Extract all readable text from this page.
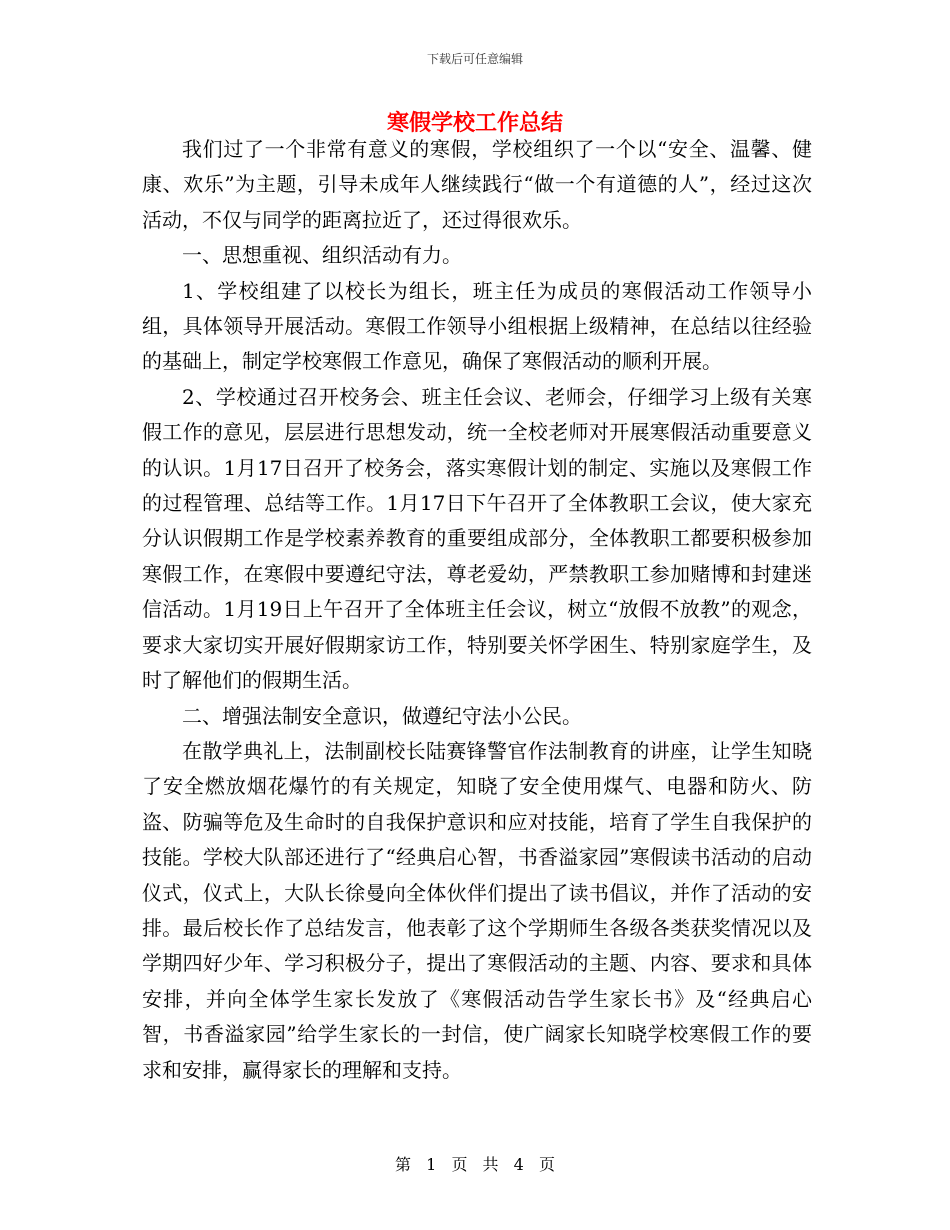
下载后可任意编辑
寒假学校工作总结

我们过了一个非常有意义的寒假，学校组织了一个以“安全、温馨、健康、欢乐”为主题，引导未成年人继续践行“做一个有道德的人”，经过这次活动，不仅与同学的距离拉近了，还过得很欢乐。

一、思想重视、组织活动有力。

1、学校组建了以校长为组长，班主任为成员的寒假活动工作领导小组，具体领导开展活动。寒假工作领导小组根据上级精神，在总结以往经验的基础上，制定学校寒假工作意见，确保了寒假活动的顺利开展。

2、学校通过召开校务会、班主任会议、老师会，仔细学习上级有关寒假工作的意见，层层进行思想发动，统一全校老师对开展寒假活动重要意义的认识。1月17日召开了校务会，落实寒假计划的制定、实施以及寒假工作的过程管理、总结等工作。1月17日下午召开了全体教职工会议，使大家充分认识假期工作是学校素养教育的重要组成部分，全体教职工都要积极参加寒假工作，在寒假中要遵纪守法，尊老爱幼，严禁教职工参加赌博和封建迷信活动。1月19日上午召开了全体班主任会议，树立“放假不放教”的观念，要求大家切实开展好假期家访工作，特别要关怀学困生、特别家庭学生，及时了解他们的假期生活。

二、增强法制安全意识，做遵纪守法小公民。

在散学典礼上，法制副校长陆赛锋警官作法制教育的讲座，让学生知晓了安全燃放烟花爆竹的有关规定，知晓了安全使用煤气、电器和防火、防盗、防骗等危及生命时的自我保护意识和应对技能，培育了学生自我保护的技能。学校大队部还进行了“经典启心智，书香溢家园”寒假读书活动的启动仪式，仪式上，大队长徐曼向全体伙伴们提出了读书倡议，并作了活动的安排。最后校长作了总结发言，他表彰了这个学期师生各级各类获奖情况以及学期四好少年、学习积极分子，提出了寒假活动的主题、内容、要求和具体安排，并向全体学生家长发放了《寒假活动告学生家长书》及“经典启心智，书香溢家园”给学生家长的一封信，使广阔家长知晓学校寒假工作的要求和安排，赢得家长的理解和支持。

第 1 页 共 4 页
